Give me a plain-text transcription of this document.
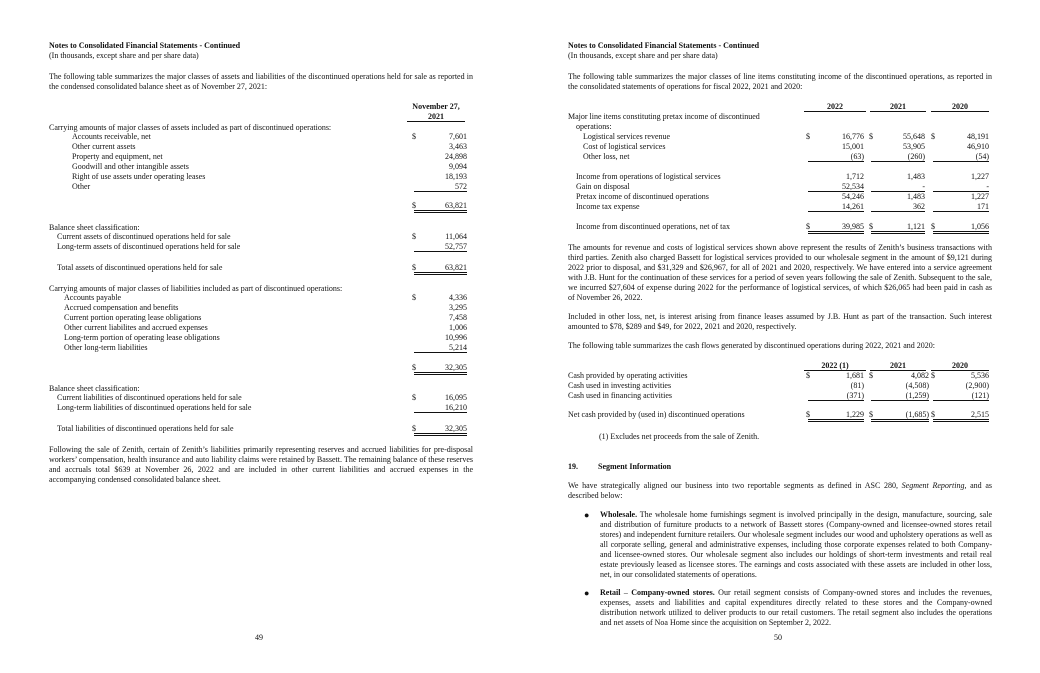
Notes to Consolidated Financial Statements - Continued
(In thousands, except share and per share data)
The following table summarizes the major classes of assets and liabilities of the discontinued operations held for sale as reported in the condensed consolidated balance sheet as of November 27, 2021:
November 27,
2021
Carrying amounts of major classes of assets included as part of discontinued operations:
Accounts receivable, net	$	7,601
Other current assets	3,463
Property and equipment, net	24,898
Goodwill and other intangible assets	9,094
Right of use assets under operating leases	18,193
Other	572
$	63,821
Balance sheet classification:
Current assets of discontinued operations held for sale	$	11,064
Long-term assets of discontinued operations held for sale	52,757
Total assets of discontinued operations held for sale	$	63,821
Carrying amounts of major classes of liabilities included as part of discontinued operations:
Accounts payable	$	4,336
Accrued compensation and benefits	3,295
Current portion operating lease obligations	7,458
Other current liabilites and accrued expenses	1,006
Long-term portion of operating lease obligations	10,996
Other long-term liabilities	5,214
$	32,305
Balance sheet classification:
Current liabilities of discontinued operations held for sale	$	16,095
Long-term liabilities of discontinued operations held for sale	16,210
Total liabilities of discontinued operations held for sale	$	32,305
Following the sale of Zenith, certain of Zenith’s liabilities primarily representing reserves and accrued liabilities for pre-disposal workers’ compensation, health insurance and auto liability claims were retained by Bassett. The remaining balance of these reserves and accruals total $639 at November 26, 2022 and are included in other current liabilities and accrued expenses in the accompanying condensed consolidated balance sheet.
49
Notes to Consolidated Financial Statements - Continued
(In thousands, except share and per share data)
The following table summarizes the major classes of line items constituting income of the discontinued operations, as reported in the consolidated statements of operations for fiscal 2022, 2021 and 2020:
2022	2021	2020
Major line items constituting pretax income of discontinued
operations:
Logistical services revenue	$	16,776 $	55,648 $	48,191
Cost of logistical services	15,001	53,905	46,910
Other loss, net	(63)	(260)	(54)
Income from operations of logistical services	1,712	1,483	1,227
Gain on disposal	52,534	-	-
Pretax income of discontinued operations	54,246	1,483	1,227
Income tax expense	14,261	362	171
Income from discontinued operations, net of tax	$	39,985 $	1,121 $	1,056
The amounts for revenue and costs of logistical services shown above represent the results of Zenith’s business transactions with third parties. Zenith also charged Bassett for logistical services provided to our wholesale segment in the amount of $9,121 during 2022 prior to disposal, and $31,329 and $26,967, for all of 2021 and 2020, respectively. We have entered into a service agreement with J.B. Hunt for the continuation of these services for a period of seven years following the sale of Zenith. Subsequent to the sale, we incurred $27,604 of expense during 2022 for the performance of logistical services, of which $26,065 had been paid in cash as of November 26, 2022.
Included in other loss, net, is interest arising from finance leases assumed by J.B. Hunt as part of the transaction. Such interest amounted to $78, $289 and $49, for 2022, 2021 and 2020, respectively.
The following table summarizes the cash flows generated by discontinued operations during 2022, 2021 and 2020:
2022 (1)	2021	2020
Cash provided by operating activities	$	1,681 $	4,082 $	5,536
Cash used in investing activities	(81)	(4,508)	(2,900)
Cash used in financing activities	(371)	(1,259)	(121)
Net cash provided by (used in) discontinued operations	$	1,229 $	(1,685) $	2,515
(1) Excludes net proceeds from the sale of Zenith.
19.	Segment Information
We have strategically aligned our business into two reportable segments as defined in ASC 280, Segment Reporting, and as described below:
● Wholesale. The wholesale home furnishings segment is involved principally in the design, manufacture, sourcing, sale and distribution of furniture products to a network of Bassett stores (Company-owned and licensee-owned stores retail stores) and independent furniture retailers. Our wholesale segment includes our wood and upholstery operations as well as all corporate selling, general and administrative expenses, including those corporate expenses related to both Company- and licensee-owned stores. Our wholesale segment also includes our holdings of short-term investments and retail real estate previously leased as licensee stores. The earnings and costs associated with these assets are included in other loss, net, in our consolidated statements of operations.
● Retail – Company-owned stores. Our retail segment consists of Company-owned stores and includes the revenues, expenses, assets and liabilities and capital expenditures directly related to these stores and the Company-owned distribution network utilized to deliver products to our retail customers. The retail segment also includes the operations and net assets of Noa Home since the acquisition on September 2, 2022.
50
